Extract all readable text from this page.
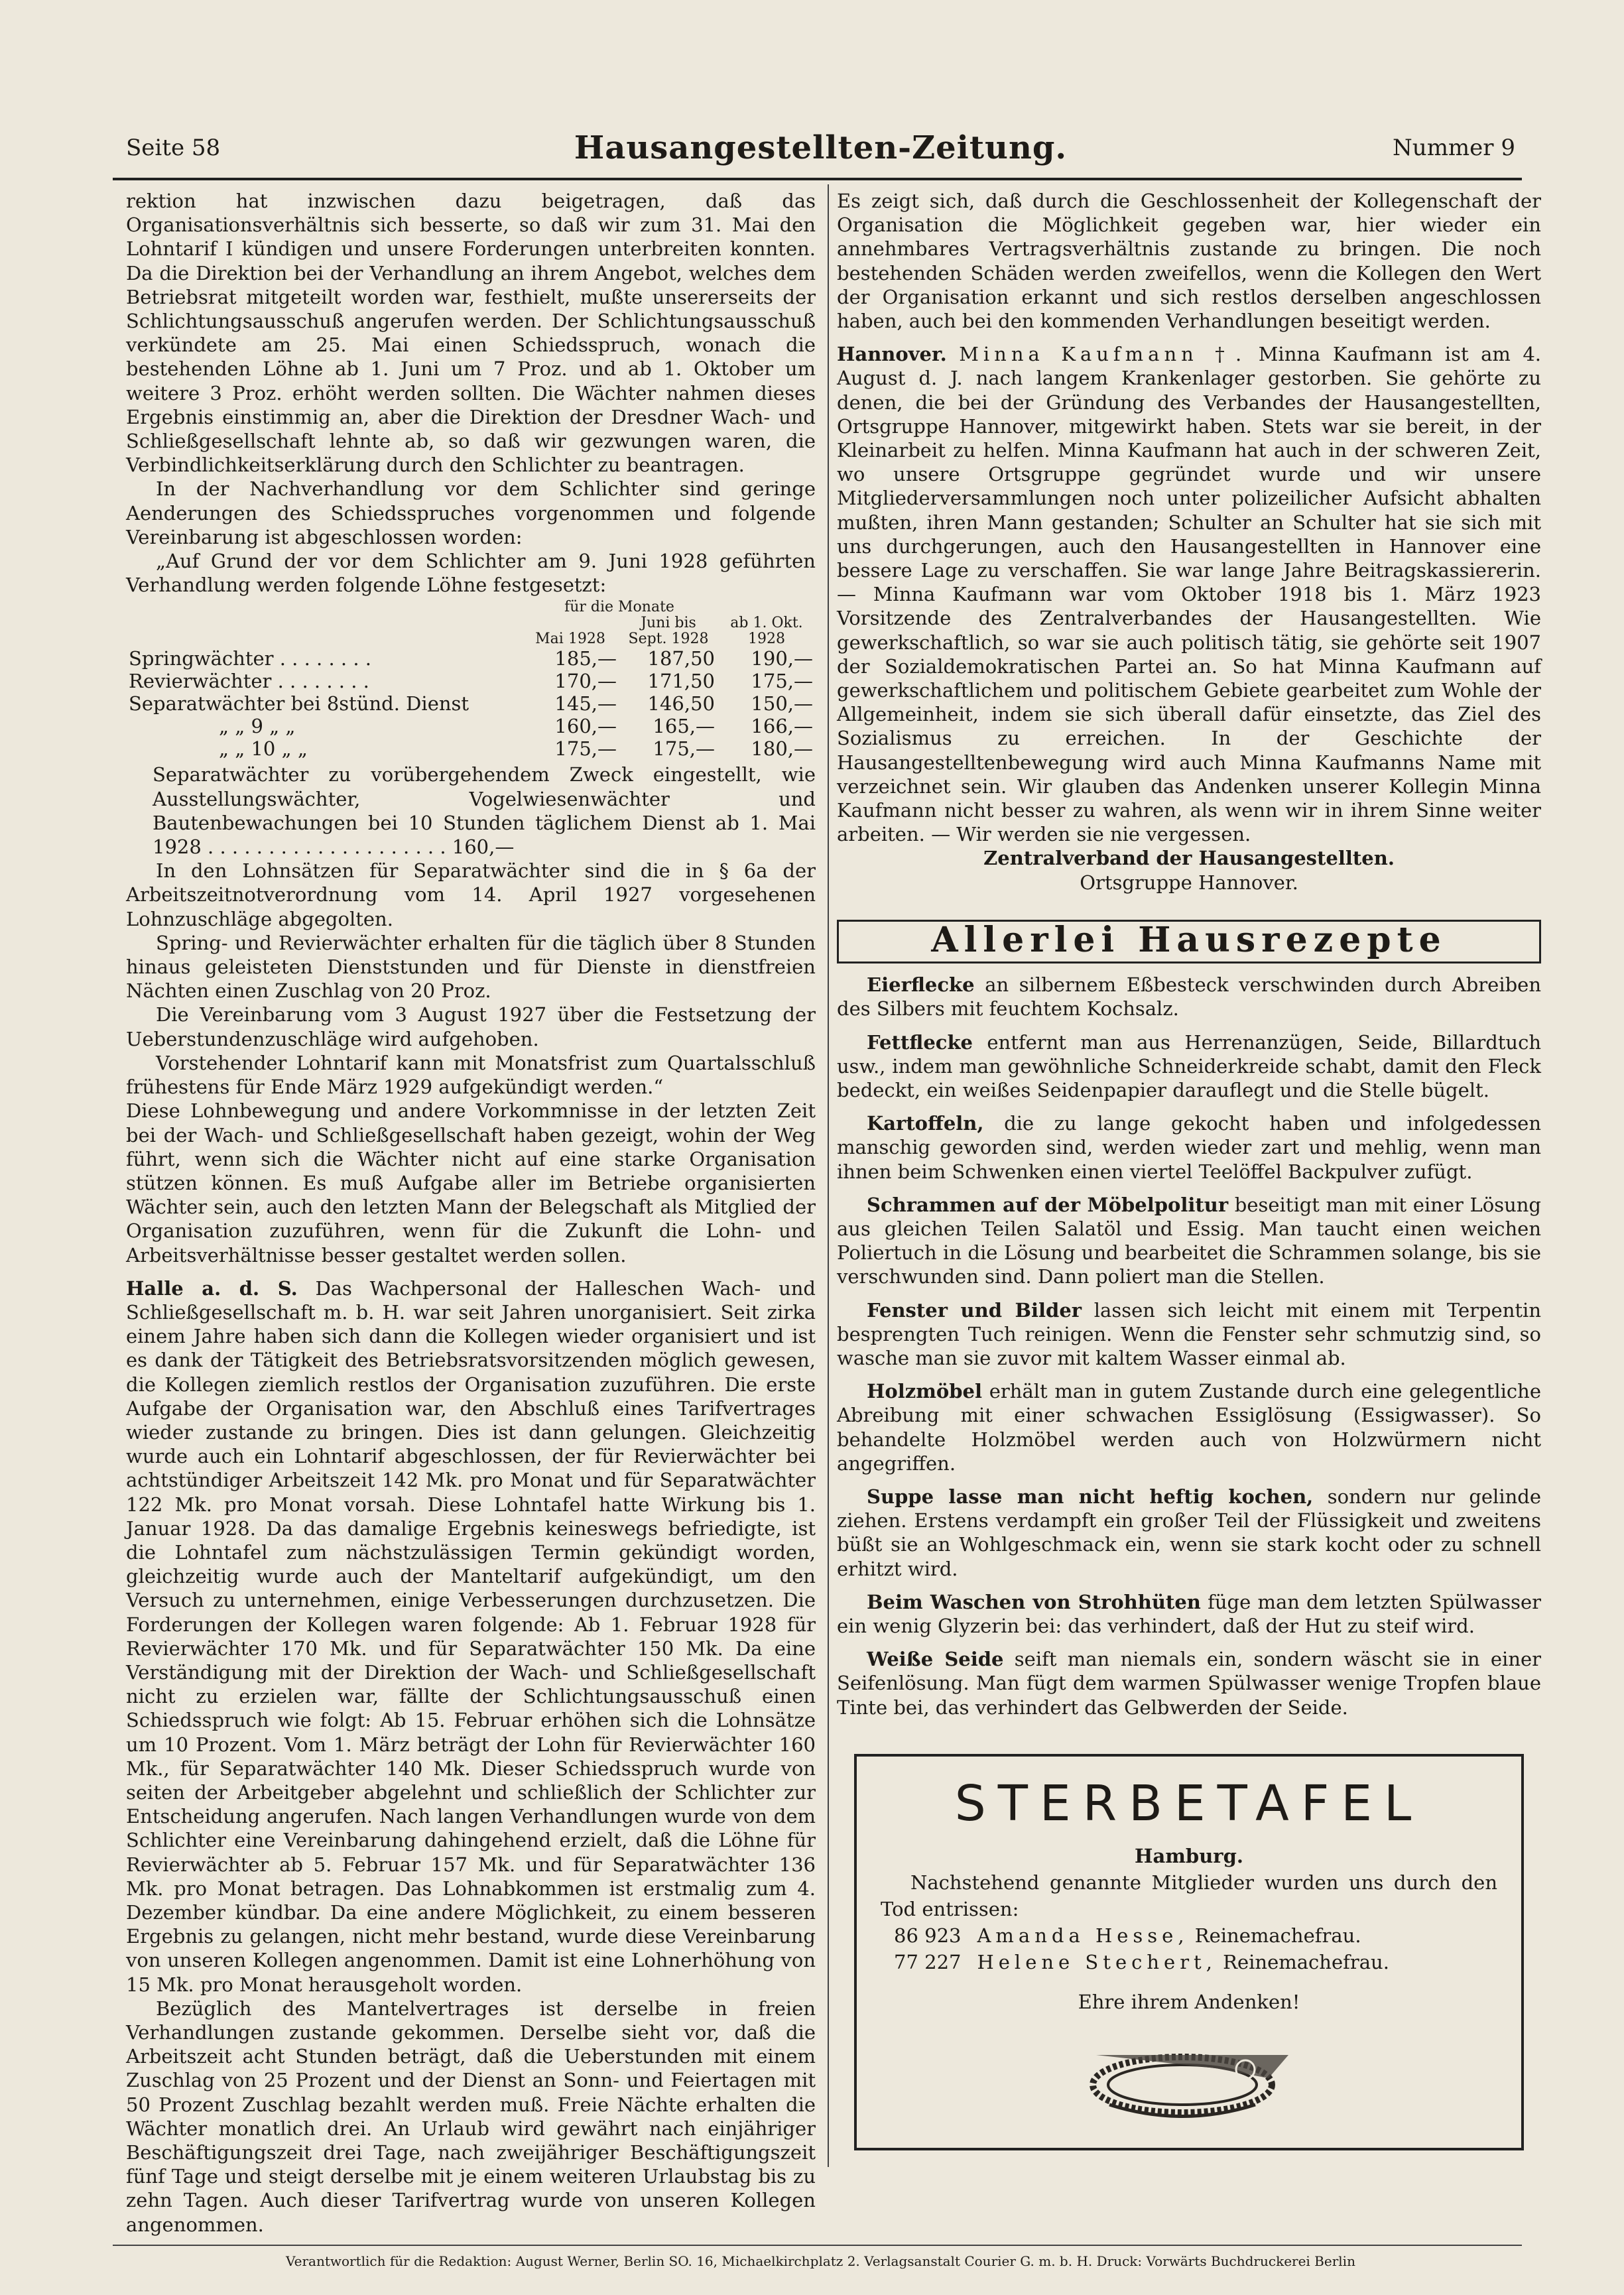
Seite 58	Hausangestellten-Zeitung.	Nummer 9

rektion hat inzwischen dazu beigetragen, daß das Organisationsverhältnis sich besserte, so daß wir zum 31. Mai den Lohntarif I kündigen und unsere Forderungen unterbreiten konnten. Da die Direktion bei der Verhandlung an ihrem Angebot, welches dem Betriebsrat mitgeteilt worden war, festhielt, mußte unsererseits der Schlichtungsausschuß angerufen werden. Der Schlichtungsausschuß verkündete am 25. Mai einen Schiedsspruch, wonach die bestehenden Löhne ab 1. Juni um 7 Proz. und ab 1. Oktober um weitere 3 Proz. erhöht werden sollten. Die Wächter nahmen dieses Ergebnis einstimmig an, aber die Direktion der Dresdner Wach- und Schließgesellschaft lehnte ab, so daß wir gezwungen waren, die Verbindlichkeitserklärung durch den Schlichter zu beantragen.

In der Nachverhandlung vor dem Schlichter sind geringe Aenderungen des Schiedsspruches vorgenommen und folgende Vereinbarung ist abgeschlossen worden:

„Auf Grund der vor dem Schlichter am 9. Juni 1928 geführten Verhandlung werden folgende Löhne festgesetzt:

	für die Monate		
	Mai 1928	Juni bis Sept. 1928	ab 1. Okt. 1928
Springwächter . . . . . . . .	185,—	187,50	190,—
Revierwächter . . . . . . . .	170,—	171,50	175,—
Separatwächter bei 8stünd. Dienst	145,—	146,50	150,—
„ „ 9 „ „	160,—	165,—	166,—
„ „ 10 „ „	175,—	175,—	180,—

Separatwächter zu vorübergehendem Zweck eingestellt, wie Ausstellungswächter, Vogelwiesenwächter und Bautenbewachungen bei 10 Stunden täglichem Dienst ab 1. Mai 1928 . . . . . . . . . . . . . . . . . . . . 160,—

In den Lohnsätzen für Separatwächter sind die in § 6a der Arbeitszeitnotverordnung vom 14. April 1927 vorgesehenen Lohnzuschläge abgegolten.

Spring- und Revierwächter erhalten für die täglich über 8 Stunden hinaus geleisteten Dienststunden und für Dienste in dienstfreien Nächten einen Zuschlag von 20 Proz.

Die Vereinbarung vom 3 August 1927 über die Festsetzung der Ueberstundenzuschläge wird aufgehoben.

Vorstehender Lohntarif kann mit Monatsfrist zum Quartalsschluß frühestens für Ende März 1929 aufgekündigt werden.“

Diese Lohnbewegung und andere Vorkommnisse in der letzten Zeit bei der Wach- und Schließgesellschaft haben gezeigt, wohin der Weg führt, wenn sich die Wächter nicht auf eine starke Organisation stützen können. Es muß Aufgabe aller im Betriebe organisierten Wächter sein, auch den letzten Mann der Belegschaft als Mitglied der Organisation zuzuführen, wenn für die Zukunft die Lohn- und Arbeitsverhältnisse besser gestaltet werden sollen.

Halle a. d. S. Das Wachpersonal der Halleschen Wach- und Schließgesellschaft m. b. H. war seit Jahren unorganisiert. Seit zirka einem Jahre haben sich dann die Kollegen wieder organisiert und ist es dank der Tätigkeit des Betriebsratsvorsitzenden möglich gewesen, die Kollegen ziemlich restlos der Organisation zuzuführen. Die erste Aufgabe der Organisation war, den Abschluß eines Tarifvertrages wieder zustande zu bringen. Dies ist dann gelungen. Gleichzeitig wurde auch ein Lohntarif abgeschlossen, der für Revierwächter bei achtstündiger Arbeitszeit 142 Mk. pro Monat und für Separatwächter 122 Mk. pro Monat vorsah. Diese Lohntafel hatte Wirkung bis 1. Januar 1928. Da das damalige Ergebnis keineswegs befriedigte, ist die Lohntafel zum nächstzulässigen Termin gekündigt worden, gleichzeitig wurde auch der Manteltarif aufgekündigt, um den Versuch zu unternehmen, einige Verbesserungen durchzusetzen. Die Forderungen der Kollegen waren folgende: Ab 1. Februar 1928 für Revierwächter 170 Mk. und für Separatwächter 150 Mk. Da eine Verständigung mit der Direktion der Wach- und Schließgesellschaft nicht zu erzielen war, fällte der Schlichtungsausschuß einen Schiedsspruch wie folgt: Ab 15. Februar erhöhen sich die Lohnsätze um 10 Prozent. Vom 1. März beträgt der Lohn für Revierwächter 160 Mk., für Separatwächter 140 Mk. Dieser Schiedsspruch wurde von seiten der Arbeitgeber abgelehnt und schließlich der Schlichter zur Entscheidung angerufen. Nach langen Verhandlungen wurde von dem Schlichter eine Vereinbarung dahingehend erzielt, daß die Löhne für Revierwächter ab 5. Februar 157 Mk. und für Separatwächter 136 Mk. pro Monat betragen. Das Lohnabkommen ist erstmalig zum 4. Dezember kündbar. Da eine andere Möglichkeit, zu einem besseren Ergebnis zu gelangen, nicht mehr bestand, wurde diese Vereinbarung von unseren Kollegen angenommen. Damit ist eine Lohnerhöhung von 15 Mk. pro Monat herausgeholt worden.

Bezüglich des Mantelvertrages ist derselbe in freien Verhandlungen zustande gekommen. Derselbe sieht vor, daß die Arbeitszeit acht Stunden beträgt, daß die Ueberstunden mit einem Zuschlag von 25 Prozent und der Dienst an Sonn- und Feiertagen mit 50 Prozent Zuschlag bezahlt werden muß. Freie Nächte erhalten die Wächter monatlich drei. An Urlaub wird gewährt nach einjähriger Beschäftigungszeit drei Tage, nach zweijähriger Beschäftigungszeit fünf Tage und steigt derselbe mit je einem weiteren Urlaubstag bis zu zehn Tagen. Auch dieser Tarifvertrag wurde von unseren Kollegen angenommen.

Es zeigt sich, daß durch die Geschlossenheit der Kollegenschaft der Organisation die Möglichkeit gegeben war, hier wieder ein annehmbares Vertragsverhältnis zustande zu bringen. Die noch bestehenden Schäden werden zweifellos, wenn die Kollegen den Wert der Organisation erkannt und sich restlos derselben angeschlossen haben, auch bei den kommenden Verhandlungen beseitigt werden.

Hannover. Minna Kaufmann †. Minna Kaufmann ist am 4. August d. J. nach langem Krankenlager gestorben. Sie gehörte zu denen, die bei der Gründung des Verbandes der Hausangestellten, Ortsgruppe Hannover, mitgewirkt haben. Stets war sie bereit, in der Kleinarbeit zu helfen. Minna Kaufmann hat auch in der schweren Zeit, wo unsere Ortsgruppe gegründet wurde und wir unsere Mitgliederversammlungen noch unter polizeilicher Aufsicht abhalten mußten, ihren Mann gestanden; Schulter an Schulter hat sie sich mit uns durchgerungen, auch den Hausangestellten in Hannover eine bessere Lage zu verschaffen. Sie war lange Jahre Beitragskassiererin. — Minna Kaufmann war vom Oktober 1918 bis 1. März 1923 Vorsitzende des Zentralverbandes der Hausangestellten. Wie gewerkschaftlich, so war sie auch politisch tätig, sie gehörte seit 1907 der Sozialdemokratischen Partei an. So hat Minna Kaufmann auf gewerkschaftlichem und politischem Gebiete gearbeitet zum Wohle der Allgemeinheit, indem sie sich überall dafür einsetzte, das Ziel des Sozialismus zu erreichen. In der Geschichte der Hausangestelltenbewegung wird auch Minna Kaufmanns Name mit verzeichnet sein. Wir glauben das Andenken unserer Kollegin Minna Kaufmann nicht besser zu wahren, als wenn wir in ihrem Sinne weiter arbeiten. — Wir werden sie nie vergessen.

Zentralverband der Hausangestellten.

Ortsgruppe Hannover.

Allerlei Hausrezepte

Eierflecke an silbernem Eßbesteck verschwinden durch Abreiben des Silbers mit feuchtem Kochsalz.

Fettflecke entfernt man aus Herrenanzügen, Seide, Billardtuch usw., indem man gewöhnliche Schneiderkreide schabt, damit den Fleck bedeckt, ein weißes Seidenpapier darauflegt und die Stelle bügelt.

Kartoffeln, die zu lange gekocht haben und infolgedessen manschig geworden sind, werden wieder zart und mehlig, wenn man ihnen beim Schwenken einen viertel Teelöffel Backpulver zufügt.

Schrammen auf der Möbelpolitur beseitigt man mit einer Lösung aus gleichen Teilen Salatöl und Essig. Man taucht einen weichen Poliertuch in die Lösung und bearbeitet die Schrammen solange, bis sie verschwunden sind. Dann poliert man die Stellen.

Fenster und Bilder lassen sich leicht mit einem mit Terpentin besprengten Tuch reinigen. Wenn die Fenster sehr schmutzig sind, so wasche man sie zuvor mit kaltem Wasser einmal ab.

Holzmöbel erhält man in gutem Zustande durch eine gelegentliche Abreibung mit einer schwachen Essiglösung (Essigwasser). So behandelte Holzmöbel werden auch von Holzwürmern nicht angegriffen.

Suppe lasse man nicht heftig kochen, sondern nur gelinde ziehen. Erstens verdampft ein großer Teil der Flüssigkeit und zweitens büßt sie an Wohlgeschmack ein, wenn sie stark kocht oder zu schnell erhitzt wird.

Beim Waschen von Strohhüten füge man dem letzten Spülwasser ein wenig Glyzerin bei: das verhindert, daß der Hut zu steif wird.

Weiße Seide seift man niemals ein, sondern wäscht sie in einer Seifenlösung. Man fügt dem warmen Spülwasser wenige Tropfen blaue Tinte bei, das verhindert das Gelbwerden der Seide.

STERBETAFEL

Hamburg.

Nachstehend genannte Mitglieder wurden uns durch den Tod entrissen:

86 923 Amanda Hesse, Reinemachefrau.
77 227 Helene Stechert, Reinemachefrau.

Ehre ihrem Andenken!

Verantwortlich für die Redaktion: August Werner, Berlin SO. 16, Michaelkirchplatz 2. Verlagsanstalt Courier G. m. b. H. Druck: Vorwärts Buchdruckerei Berlin
